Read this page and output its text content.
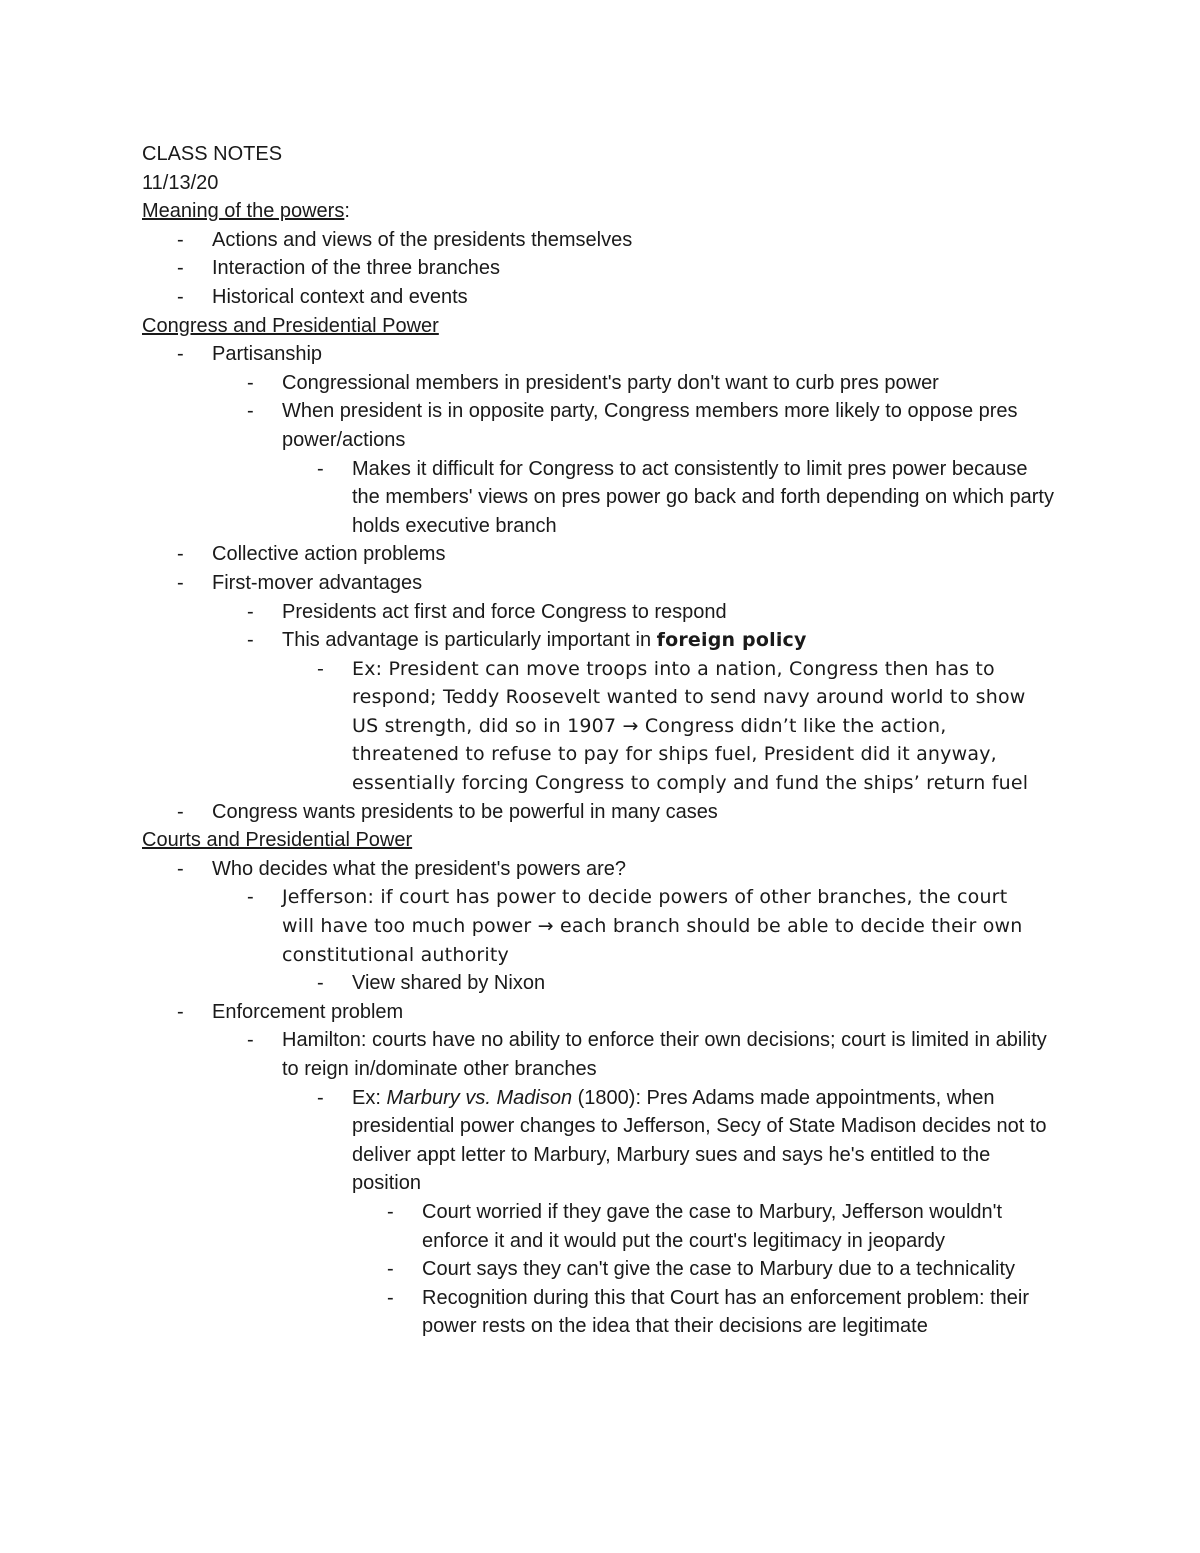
CLASS NOTES
11/13/20
Meaning of the powers:
- Actions and views of the presidents themselves
- Interaction of the three branches
- Historical context and events
Congress and Presidential Power
- Partisanship
- Congressional members in president's party don't want to curb pres power
- When president is in opposite party, Congress members more likely to oppose pres power/actions
- Makes it difficult for Congress to act consistently to limit pres power because the members' views on pres power go back and forth depending on which party holds executive branch
- Collective action problems
- First-mover advantages
- Presidents act first and force Congress to respond
- This advantage is particularly important in foreign policy
- Ex: President can move troops into a nation, Congress then has to respond; Teddy Roosevelt wanted to send navy around world to show US strength, did so in 1907 → Congress didn’t like the action, threatened to refuse to pay for ships fuel, President did it anyway, essentially forcing Congress to comply and fund the ships’ return fuel
- Congress wants presidents to be powerful in many cases
Courts and Presidential Power
- Who decides what the president's powers are?
- Jefferson: if court has power to decide powers of other branches, the court will have too much power → each branch should be able to decide their own constitutional authority
- View shared by Nixon
- Enforcement problem
- Hamilton: courts have no ability to enforce their own decisions; court is limited in ability to reign in/dominate other branches
- Ex: Marbury vs. Madison (1800): Pres Adams made appointments, when presidential power changes to Jefferson, Secy of State Madison decides not to deliver appt letter to Marbury, Marbury sues and says he's entitled to the position
- Court worried if they gave the case to Marbury, Jefferson wouldn't enforce it and it would put the court's legitimacy in jeopardy
- Court says they can't give the case to Marbury due to a technicality
- Recognition during this that Court has an enforcement problem: their power rests on the idea that their decisions are legitimate
